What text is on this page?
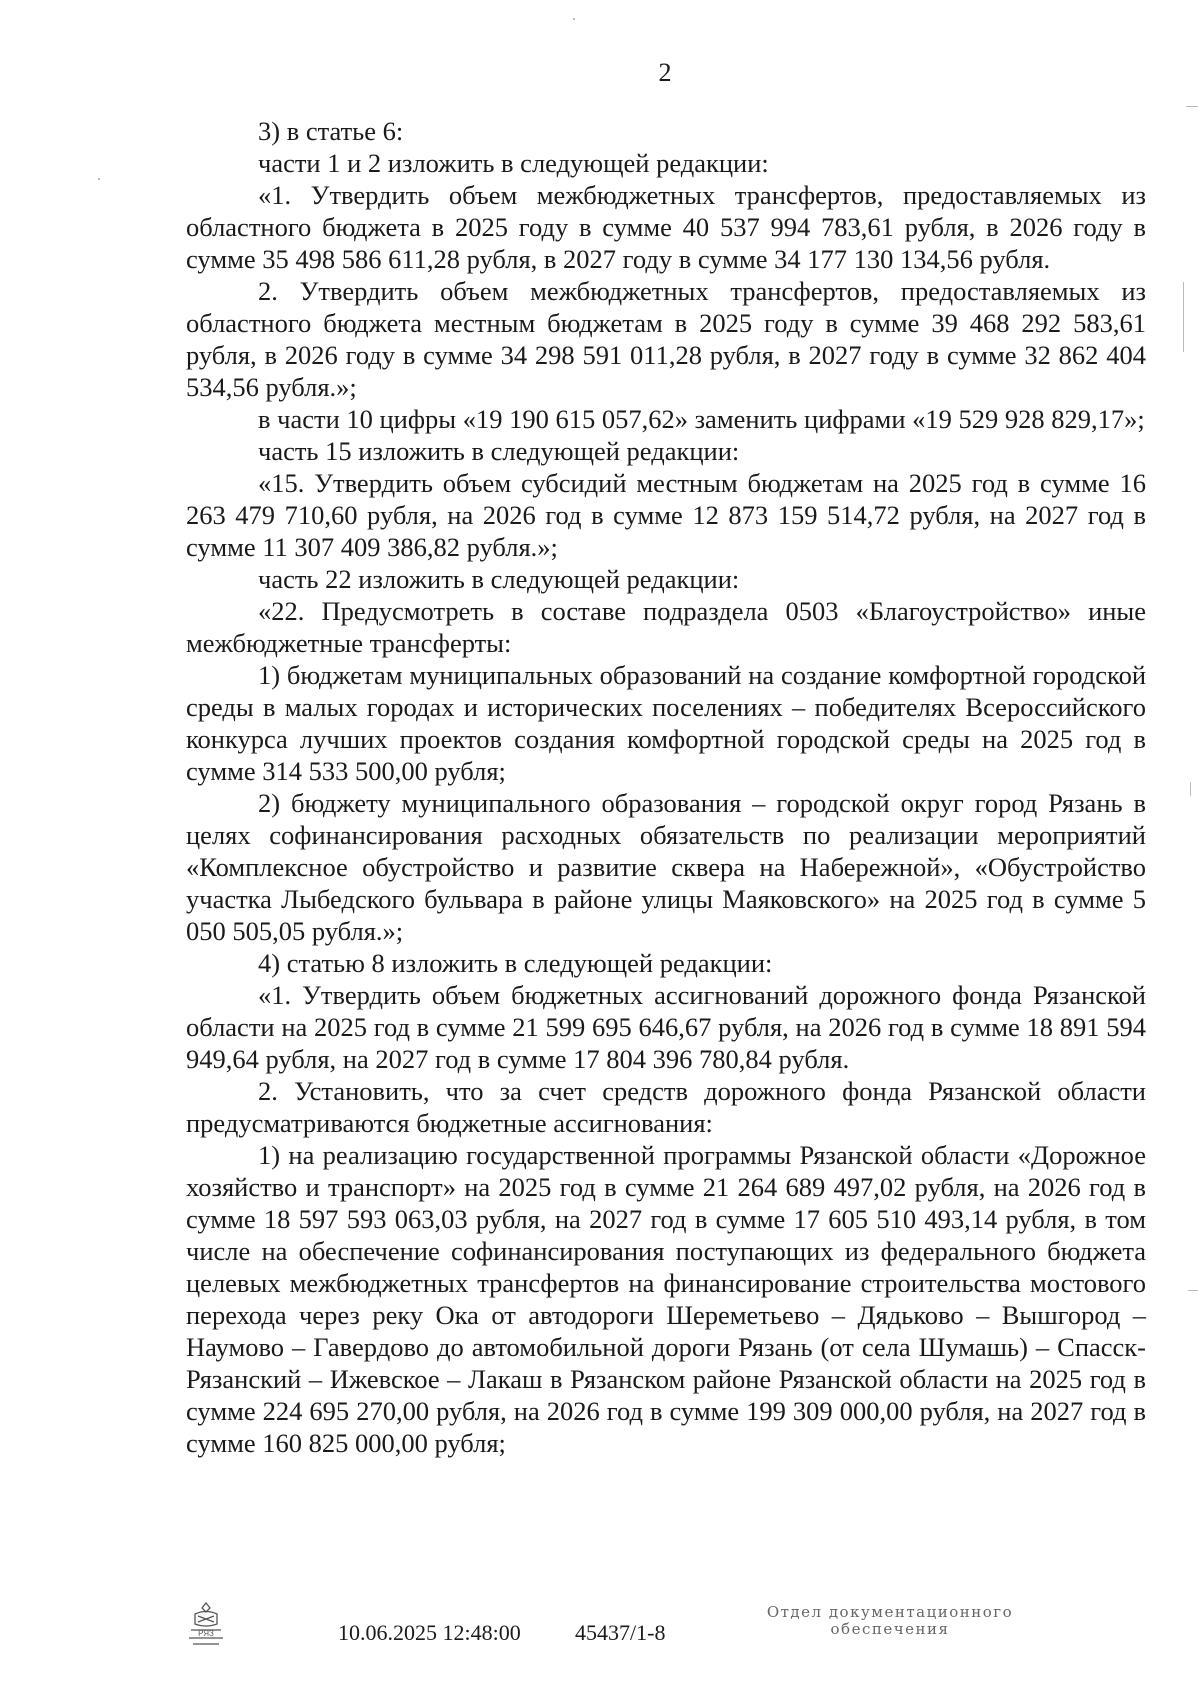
2

3) в статье 6:

части 1 и 2 изложить в следующей редакции:

«1. Утвердить объем межбюджетных трансфертов, предоставляемых из областного бюджета в 2025 году в сумме 40 537 994 783,61 рубля, в 2026 году в сумме 35 498 586 611,28 рубля, в 2027 году в сумме 34 177 130 134,56 рубля.

2. Утвердить объем межбюджетных трансфертов, предоставляемых из областного бюджета местным бюджетам в 2025 году в сумме 39 468 292 583,61 рубля, в 2026 году в сумме 34 298 591 011,28 рубля, в 2027 году в сумме 32 862 404 534,56 рубля.»;

в части 10 цифры «19 190 615 057,62» заменить цифрами «19 529 928 829,17»;

часть 15 изложить в следующей редакции:

«15. Утвердить объем субсидий местным бюджетам на 2025 год в сумме 16 263 479 710,60 рубля, на 2026 год в сумме 12 873 159 514,72 рубля, на 2027 год в сумме 11 307 409 386,82 рубля.»;

часть 22 изложить в следующей редакции:

«22. Предусмотреть в составе подраздела 0503 «Благоустройство» иные межбюджетные трансферты:

1) бюджетам муниципальных образований на создание комфортной городской среды в малых городах и исторических поселениях – победителях Всероссийского конкурса лучших проектов создания комфортной городской среды на 2025 год в сумме 314 533 500,00 рубля;

2) бюджету муниципального образования – городской округ город Рязань в целях софинансирования расходных обязательств по реализации мероприятий «Комплексное обустройство и развитие сквера на Набережной», «Обустройство участка Лыбедского бульвара в районе улицы Маяковского» на 2025 год в сумме 5 050 505,05 рубля.»;

4) статью 8 изложить в следующей редакции:

«1. Утвердить объем бюджетных ассигнований дорожного фонда Рязанской области на 2025 год в сумме 21 599 695 646,67 рубля, на 2026 год в сумме 18 891 594 949,64 рубля, на 2027 год в сумме 17 804 396 780,84 рубля.

2. Установить, что за счет средств дорожного фонда Рязанской области предусматриваются бюджетные ассигнования:

1) на реализацию государственной программы Рязанской области «Дорожное хозяйство и транспорт» на 2025 год в сумме 21 264 689 497,02 рубля, на 2026 год в сумме 18 597 593 063,03 рубля, на 2027 год в сумме 17 605 510 493,14 рубля, в том числе на обеспечение софинансирования поступающих из федерального бюджета целевых межбюджетных трансфертов на финансирование строительства мостового перехода через реку Ока от автодороги Шереметьево – Дядьково – Вышгород – Наумово – Гавердово до автомобильной дороги Рязань (от села Шумашь) – Спасск-Рязанский – Ижевское – Лакаш в Рязанском районе Рязанской области на 2025 год в сумме 224 695 270,00 рубля, на 2026 год в сумме 199 309 000,00 рубля, на 2027 год в сумме 160 825 000,00 рубля;

РЯЗ	10.06.2025 12:48:00 45437/1-8
Отдел документационного
обеспечения
